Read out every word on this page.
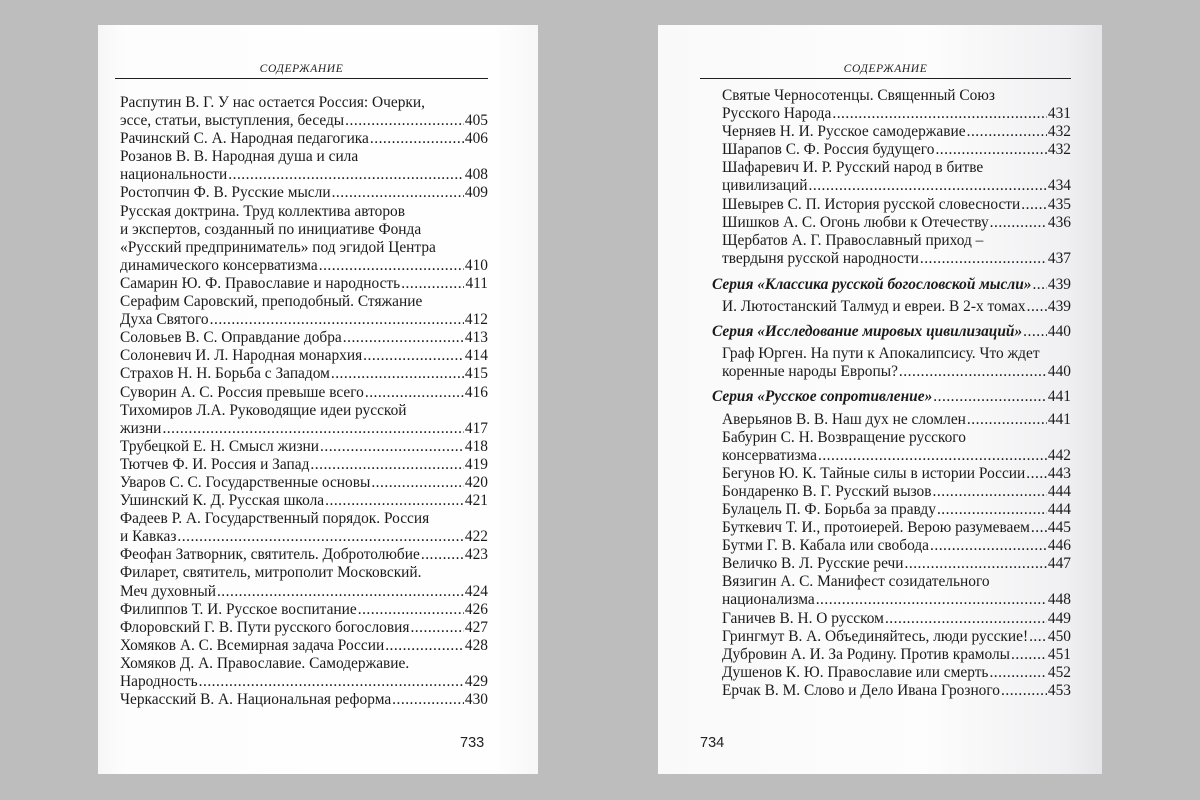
СОДЕРЖАНИЕ
Распутин В. Г. У нас остается Россия: Очерки,
эссе, статьи, выступления, беседы .....	405
Рачинский С. А. Народная педагогика .....	406
Розанов В. В. Народная душа и сила
национальности .....	408
Ростопчин Ф. В. Русские мысли .....	409
Русская доктрина. Труд коллектива авторов
и экспертов, созданный по инициативе Фонда
«Русский предприниматель» под эгидой Центра
динамического консерватизма .....	410
Самарин Ю. Ф. Православие и народность .....	411
Серафим Саровский, преподобный. Стяжание
Духа Святого .....	412
Соловьев В. С. Оправдание добра .....	413
Солоневич И. Л. Народная монархия .....	414
Страхов Н. Н. Борьба с Западом .....	415
Суворин А. С. Россия превыше всего .....	416
Тихомиров Л.А. Руководящие идеи русской
жизни .....	417
Трубецкой Е. Н. Смысл жизни .....	418
Тютчев Ф. И. Россия и Запад .....	419
Уваров С. С. Государственные основы .....	420
Ушинский К. Д. Русская школа .....	421
Фадеев Р. А. Государственный порядок. Россия
и Кавказ .....	422
Феофан Затворник, святитель. Добротолюбие .....	423
Филарет, святитель, митрополит Московский.
Меч духовный .....	424
Филиппов Т. И. Русское воспитание .....	426
Флоровский Г. В. Пути русского богословия .....	427
Хомяков А. С. Всемирная задача России .....	428
Хомяков Д. А. Православие. Самодержавие.
Народность .....	429
Черкасский В. А. Национальная реформа .....	430
733
СОДЕРЖАНИЕ
Святые Черносотенцы. Священный Союз
Русского Народа .....	431
Черняев Н. И. Русское самодержавие .....	432
Шарапов С. Ф. Россия будущего .....	432
Шафаревич И. Р. Русский народ в битве
цивилизаций .....	434
Шевырев С. П. История русской словесности ..... 435
Шишков А. С. Огонь любви к Отечеству .....	436
Щербатов А. Г. Православный приход –
твердыня русской народности .....	437
Серия «Классика русской богословской мысли» ..... 439
И. Лютостанский Талмуд и евреи. В 2-х томах ..... 439
Серия «Исследование мировых цивилизаций» ..... 440
Граф Юрген. На пути к Апокалипсису. Что ждет
коренные народы Европы? .....	440
Серия «Русское сопротивление» .....	441
Аверьянов В. В. Наш дух не сломлен .....	441
Бабурин С. Н. Возвращение русского
консерватизма .....	442
Бегунов Ю. К. Тайные силы в истории России ..... 443
Бондаренко В. Г. Русский вызов .....	444
Булацель П. Ф. Борьба за правду .....	444
Буткевич Т. И., протоиерей. Верою разумеваем ..... 445
Бутми Г. В. Кабала или свобода .....	446
Величко В. Л. Русские речи .....	447
Вязигин А. С. Манифест созидательного
национализма .....	448
Ганичев В. Н. О русском .....	449
Грингмут В. А. Объединяйтесь, люди русские! ..... 450
Дубровин А. И. За Родину. Против крамолы ..... 451
Душенов К. Ю. Православие или смерть .....	452
Ерчак В. М. Слово и Дело Ивана Грозного .....	453
734
